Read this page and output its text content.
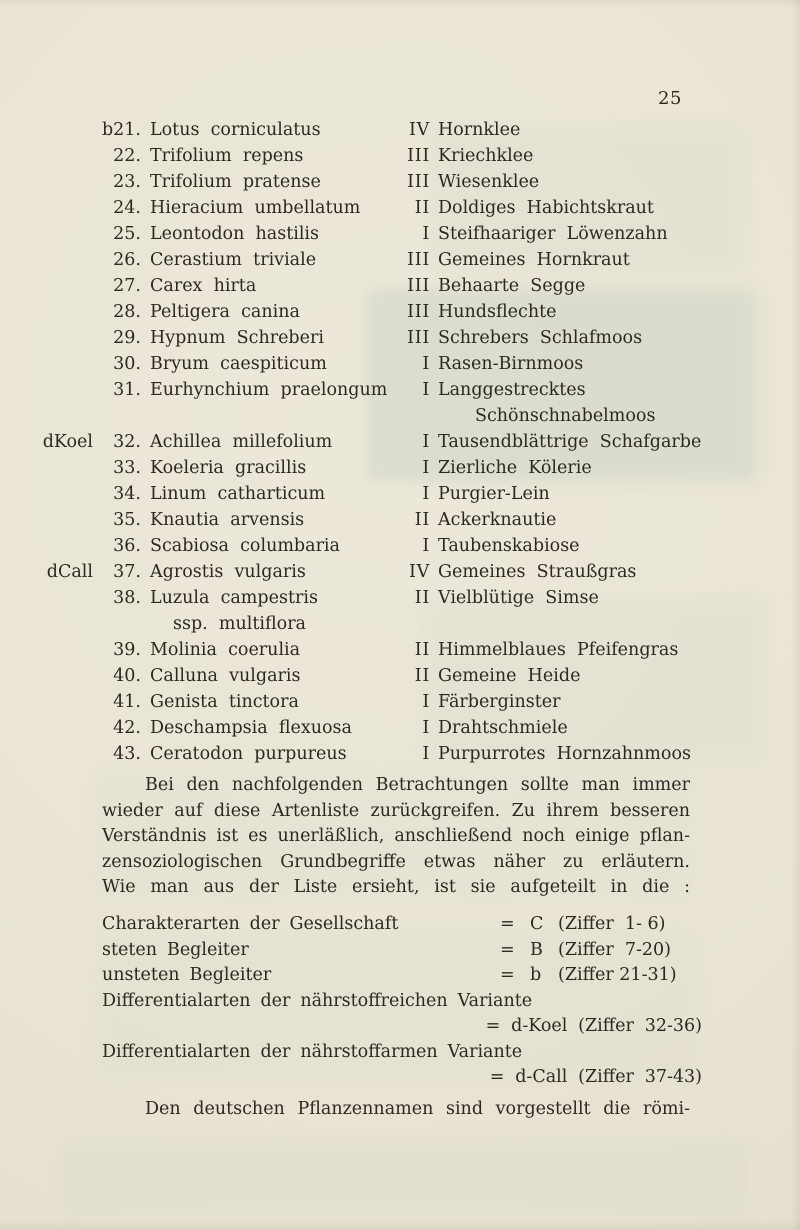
25
b21. Lotus corniculatus	IV Hornklee
22. Trifolium repens	III Kriechklee
23. Trifolium pratense	III Wiesenklee
24. Hieracium umbellatum	II Doldiges Habichtskraut
25. Leontodon hastilis	I Steifhaariger Löwenzahn
26. Cerastium triviale	III Gemeines Hornkraut
27. Carex hirta	III Behaarte Segge
28. Peltigera canina	III Hundsflechte
29. Hypnum Schreberi	III Schrebers Schlafmoos
30. Bryum caespiticum	I Rasen-Birnmoos
31. Eurhynchium praelongum	I Langgestrecktes
Schönschnabelmoos
dKoel	32. Achillea millefolium	I Tausendblättrige Schafgarbe
33. Koeleria gracillis	I Zierliche Kölerie
34. Linum catharticum	I Purgier-Lein
35. Knautia arvensis	II Ackerknautie
36. Scabiosa columbaria	I Taubenskabiose
dCall	37. Agrostis vulgaris	IV Gemeines Straußgras
38. Luzula campestris	II Vielblütige Simse
ssp. multiflora
39. Molinia coerulia	II Himmelblaues Pfeifengras
40. Calluna vulgaris	II Gemeine Heide
41. Genista tinctora	I Färberginster
42. Deschampsia flexuosa	I Drahtschmiele
43. Ceratodon purpureus	I Purpurrotes Hornzahnmoos
Bei den nachfolgenden Betrachtungen sollte man immer
wieder auf diese Artenliste zurückgreifen. Zu ihrem besseren
Verständnis ist es unerläßlich, anschließend noch einige pflan-
zensoziologischen Grundbegriffe etwas näher zu erläutern.
Wie man aus der Liste ersieht, ist sie aufgeteilt in die :
Charakterarten der Gesellschaft	= C (Ziffer  1- 6)
steten Begleiter	= B (Ziffer  7-20)
unsteten Begleiter	= b (Ziffer 21-31)
Differentialarten der nährstoffreichen Variante
= d-Koel (Ziffer 32-36)
Differentialarten der nährstoffarmen Variante
= d-Call (Ziffer 37-43)
Den deutschen Pflanzennamen sind vorgestellt die römi-
